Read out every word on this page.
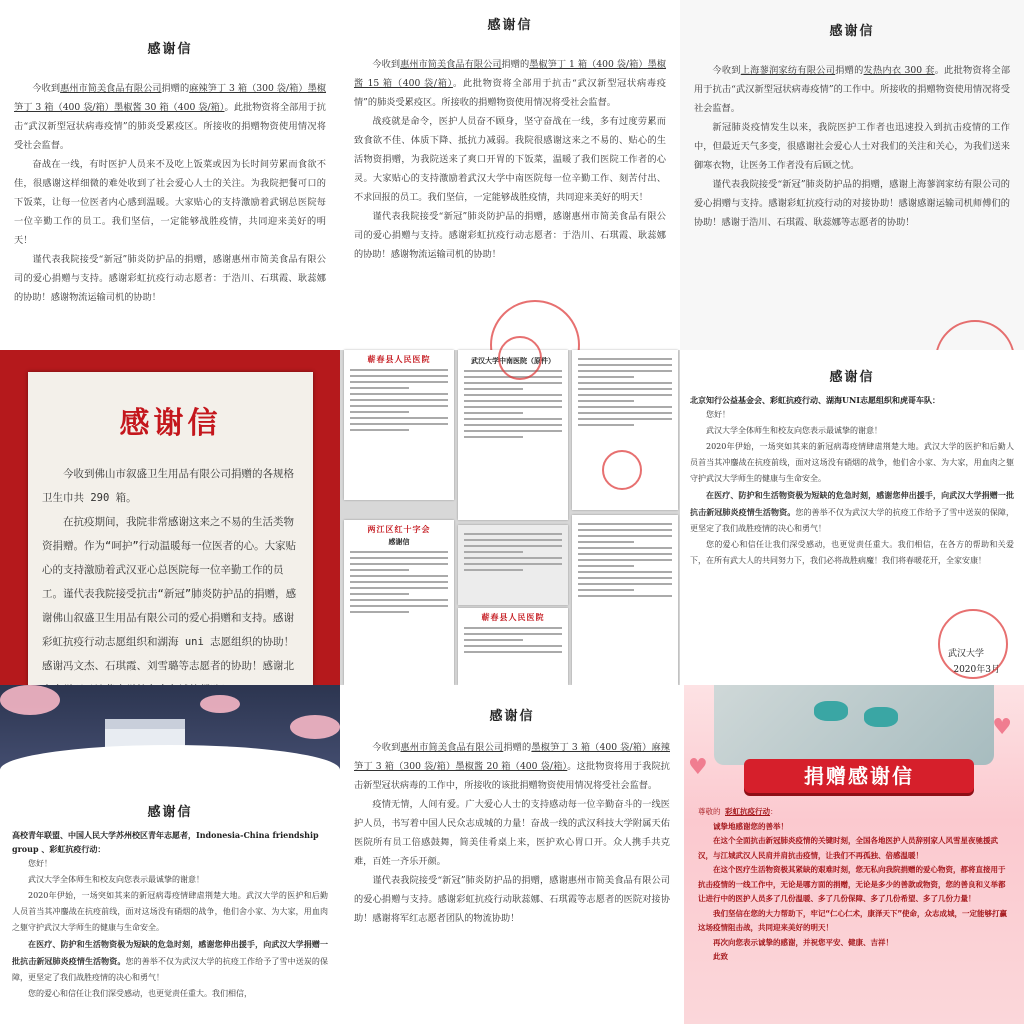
感谢信

今收到惠州市简美食品有限公司捐赠的麻辣笋丁 3 箱（300 袋/箱）墨椒笋丁 3 箱（400 袋/箱）墨椒酱 30 箱（400 袋/箱）。此批物资将全部用于抗击“武汉新型冠状病毒疫情”的肺炎受累疫区。所接收的捐赠物资使用情况将受社会监督。

奋战在一线，有时医护人员来不及吃上饭菜或因为长时间劳累而食欲不佳，很感谢这样细微的难处收到了社会爱心人士的关注。为我院把餐可口的下饭菜，让每一位医者内心感到温暖。大家贴心的支持激励着武钢总医院每一位辛勤工作的员工。我们坚信，一定能够战胜疫情，共同迎来美好的明天！

谨代表我院接受“新冠”肺炎防护品的捐赠，感谢惠州市简美食品有限公司的爱心捐赠与支持。感谢彩虹抗疫行动志愿者：于浩川、石琪霞、耿蕊娜的协助！感谢物流运输司机的协助！

感谢信

今收到惠州市简美食品有限公司捐赠的墨椒笋丁 1 箱（400 袋/箱）墨椒酱 15 箱（400 袋/箱）。此批物资将全部用于抗击“武汉新型冠状病毒疫情”的肺炎受累疫区。所接收的捐赠物资使用情况将受社会监督。

战疫就是命令，医护人员奋不顾身，坚守奋战在一线，多有过度劳累而致食欲不佳、体质下降、抵抗力减弱。我院很感谢这来之不易的、贴心的生活物资捐赠，为我院送来了爽口开胃的下饭菜，温暖了我们医院工作者的心灵。大家贴心的支持激励着武汉大学中南医院每一位辛勤工作、刻苦付出、不求回报的员工。我们坚信，一定能够战胜疫情，共同迎来美好的明天！

谨代表我院接受“新冠”肺炎防护品的捐赠，感谢惠州市简美食品有限公司的爱心捐赠与支持。感谢彩虹抗疫行动志愿者：于浩川、石琪霞、耿蕊娜的协助！感谢物流运输司机的协助！

感谢信

今收到上海蓼润家纺有限公司捐赠的发热内衣 300 套。此批物资将全部用于抗击“武汉新型冠状病毒疫情”的工作中。所接收的捐赠物资使用情况将受社会监督。

新冠肺炎疫情发生以来，我院医护工作者也迅速投入到抗击疫情的工作中，但最近天气多变，很感谢社会爱心人士对我们的关注和关心，为我们送来御寒衣物，让医务工作者没有后顾之忧。

谨代表我院接受“新冠”肺炎防护品的捐赠，感谢上海蓼润家纺有限公司的爱心捐赠与支持。感谢彩虹抗疫行动的对接协助！感谢感谢运输司机师傅们的协助！感谢于浩川、石琪霞、耿蕊娜等志愿者的协助！

感谢信

今收到佛山市叙盛卫生用品有限公司捐赠的各规格卫生巾共 290 箱。

在抗疫期间，我院非常感谢这来之不易的生活类物资捐赠。作为“呵护”行动温暖每一位医者的心。大家贴心的支持激励着武汉亚心总医院每一位辛勤工作的员工。谨代表我院接受抗击“新冠”肺炎防护品的捐赠，感谢佛山叙盛卫生用品有限公司的爱心捐赠和支持。感谢彩虹抗疫行动志愿组织和湖海 uni 志愿组织的协助！感谢冯文杰、石琪霞、刘雪璐等志愿者的协助！感谢北

蕲春县人民医院	武汉大学中南医院（原件）
两江区红十字会
感谢信
蕲春县人民医院
感谢信
北京知行公益基金会、彩虹抗疫行动、湖海UNI志愿组织和虎哥车队：
您好！

武汉大学全体师生和校友向您表示最诚挚的谢意！

2020年伊始，一场突如其来的新冠病毒疫情肆虐荆楚大地。武汉大学的医护和后勤人员首当其冲鏖战在抗疫前线，面对这场没有硝烟的战争，他们舍小家、为大家，用血肉之躯守护武汉大学师生的健康与生命安全。

在医疗、防护和生活物资极为短缺的危急时刻，感谢您伸出援手，向武汉大学捐赠一批抗击新冠肺炎疫情生活物资。您的善举不仅为武汉大学的抗疫工作给予了雪中送炭的保障，更坚定了我们战胜疫情的决心和勇气！

您的爱心和信任让我们深受感动，也更觉责任重大。我们相信，在各方的帮助和关爱下，在所有武大人的共同努力下，我们必将战胜病魔！我们将春暖花开，全家安康！

武汉大学
2020年3月
感谢信
高校青年联盟、中国人民大学苏州校区青年志愿者，Indonesia-China friendship group 、彩虹抗疫行动：
您好！

武汉大学全体师生和校友向您表示最诚挚的谢意！

2020年伊始，一场突如其来的新冠病毒疫情肆虐荆楚大地。武汉大学的医护和后勤人员首当其冲鏖战在抗疫前线，面对这场没有硝烟的战争，他们舍小家、为大家，用血肉之躯守护武汉大学师生的健康与生命安全。

在医疗、防护和生活物资极为短缺的危急时刻，感谢您伸出援手，向武汉大学捐赠一批抗击新冠肺炎疫情生活物资。您的善举不仅为武汉大学的抗疫工作给予了雪中送炭的保障，更坚定了我们战胜疫情的决心和勇气！

您的爱心和信任让我们深受感动，也更觉责任重大。我们相信，

感谢信

今收到惠州市简美食品有限公司捐赠的墨椒笋丁 3 箱（400 袋/箱）麻辣笋丁 3 箱（300 袋/箱）墨椒酱 20 箱（400 袋/箱）。这批物资将用于我院抗击新型冠状病毒的工作中，所接收的该批捐赠物资使用情况将受社会监督。

疫情无情，人间有爱。广大爱心人士的支持感动每一位辛勤奋斗的一线医护人员，书写着中国人民众志成城的力量！奋战一线的武汉科技大学附属天佑医院所有员工倍感鼓舞，简美佳肴桌上来，医护欢心胃口开。众人携手共克难，百姓一齐乐开颜。

谨代表我院接受“新冠”肺炎防护品的捐赠，感谢惠州市简美食品有限公司的爱心捐赠与支持。感谢彩虹抗疫行动耿蕊娜、石琪霞等志愿者的医院对接协助！感谢将军红志愿者团队的物流协助！

♥
♥
捐赠感谢信
尊敬的 彩虹抗疫行动：
诚挚地感谢您的善举！
在这个全面抗击新冠肺炎疫情的关键时刻，全国各地医护人员辞别家人风雪星夜驰援武汉，与江城武汉人民肩并肩抗击疫情，让我们不再孤独、倍感温暖！
在这个医疗生活物资极其紧缺的艰难时刻，您无私向我院捐赠的爱心物资，都将直接用于抗击疫情的一线工作中，无论是哪方面的捐赠，无论是多少的善款或物资，您的善良和义举都让进行中的医护人员多了几份温暖、多了几份保障、多了几份希望、多了几份力量！
我们坚信在您的大力帮助下，牢记“仁心仁术，康泽天下”使命，众志成城，一定能够打赢这场疫情阻击战，共同迎来美好的明天！
再次向您表示诚挚的感谢，并祝您平安、健康、吉祥！
此致
